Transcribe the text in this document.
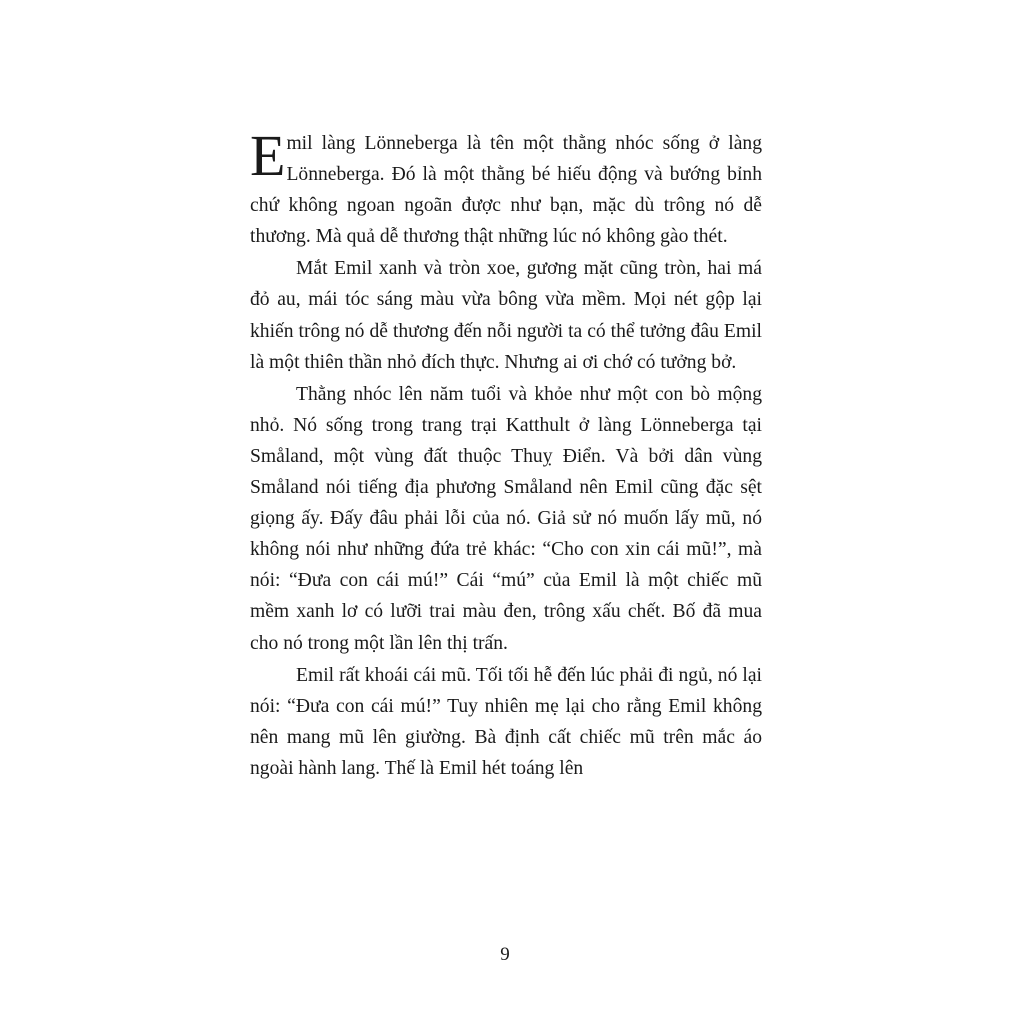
Emil làng Lönneberga là tên một thằng nhóc sống ở làng Lönneberga. Đó là một thằng bé hiếu động và bướng bỉnh chứ không ngoan ngoãn được như bạn, mặc dù trông nó dễ thương. Mà quả dễ thương thật những lúc nó không gào thét.

Mắt Emil xanh và tròn xoe, gương mặt cũng tròn, hai má đỏ au, mái tóc sáng màu vừa bông vừa mềm. Mọi nét gộp lại khiến trông nó dễ thương đến nỗi người ta có thể tưởng đâu Emil là một thiên thần nhỏ đích thực. Nhưng ai ơi chớ có tưởng bở.

Thằng nhóc lên năm tuổi và khỏe như một con bò mộng nhỏ. Nó sống trong trang trại Katthult ở làng Lönneberga tại Småland, một vùng đất thuộc Thuỵ Điển. Và bởi dân vùng Småland nói tiếng địa phương Småland nên Emil cũng đặc sệt giọng ấy. Đấy đâu phải lỗi của nó. Giả sử nó muốn lấy mũ, nó không nói như những đứa trẻ khác: “Cho con xin cái mũ!”, mà nói: “Đưa con cái mú!” Cái “mú” của Emil là một chiếc mũ mềm xanh lơ có lưỡi trai màu đen, trông xấu chết. Bố đã mua cho nó trong một lần lên thị trấn.

Emil rất khoái cái mũ. Tối tối hễ đến lúc phải đi ngủ, nó lại nói: “Đưa con cái mú!” Tuy nhiên mẹ lại cho rằng Emil không nên mang mũ lên giường. Bà định cất chiếc mũ trên mắc áo ngoài hành lang. Thế là Emil hét toáng lên

9
